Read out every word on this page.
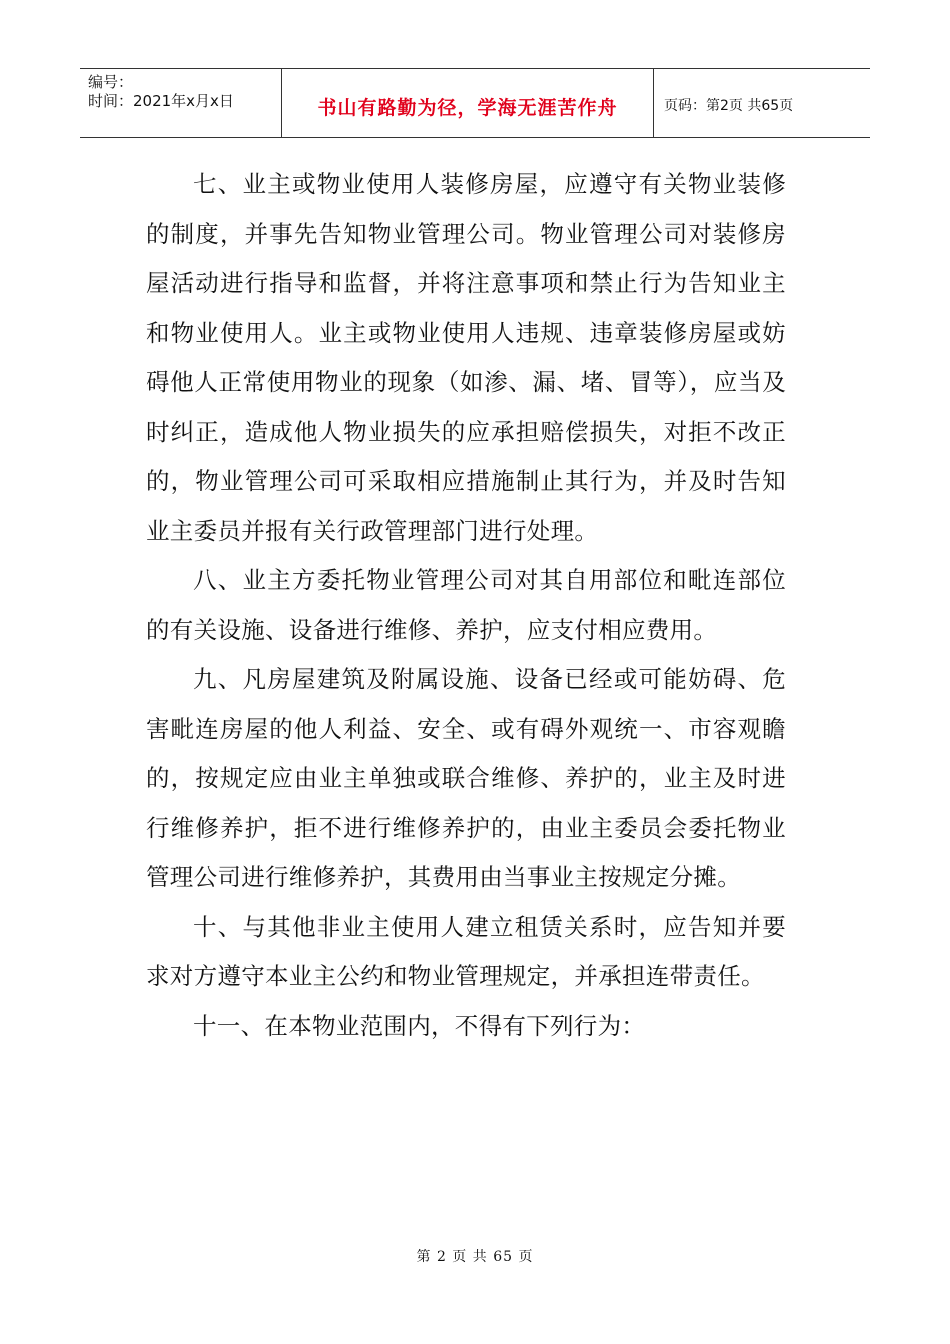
编号：
时间：2021年x月x日	书山有路勤为径，学海无涯苦作舟	页码：第2页 共65页

七、业主或物业使用人装修房屋，应遵守有关物业装修的制度，并事先告知物业管理公司。物业管理公司对装修房屋活动进行指导和监督，并将注意事项和禁止行为告知业主和物业使用人。业主或物业使用人违规、违章装修房屋或妨碍他人正常使用物业的现象（如渗、漏、堵、冒等），应当及时纠正，造成他人物业损失的应承担赔偿损失，对拒不改正的，物业管理公司可采取相应措施制止其行为，并及时告知业主委员并报有关行政管理部门进行处理。

八、业主方委托物业管理公司对其自用部位和毗连部位的有关设施、设备进行维修、养护，应支付相应费用。

九、凡房屋建筑及附属设施、设备已经或可能妨碍、危害毗连房屋的他人利益、安全、或有碍外观统一、市容观瞻的，按规定应由业主单独或联合维修、养护的，业主及时进行维修养护，拒不进行维修养护的，由业主委员会委托物业管理公司进行维修养护，其费用由当事业主按规定分摊。

十、与其他非业主使用人建立租赁关系时，应告知并要求对方遵守本业主公约和物业管理规定，并承担连带责任。

十一、在本物业范围内，不得有下列行为：

第 2 页 共 65 页
